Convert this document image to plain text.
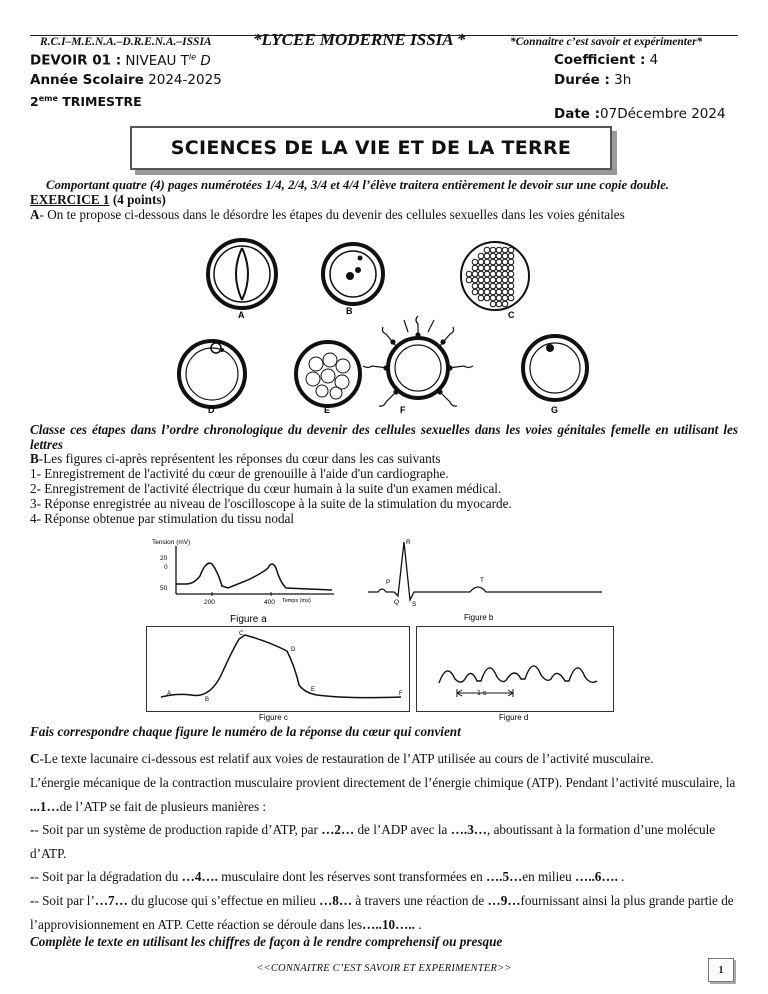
R.C.I–M.E.N.A.–D.R.E.N.A.–ISSIA *LYCEE MODERNE ISSIA *	*Connaitre c’est savoir et expérimenter*
DEVOIR 01 : NIVEAU $T^{le}$ D
Année Scolaire 2024-2025
2eme TRIMESTRE
Coefficient : 4
Durée : 3h
Date :07Décembre 2024
SCIENCES DE LA VIE ET DE LA TERRE
Comportant quatre (4) pages numérotées 1/4, 2/4, 3/4 et 4/4 l’élève traitera entièrement le devoir sur une copie double.
EXERCICE 1 (4 points)
A- On te propose ci-dessous dans le désordre les étapes du devenir des cellules sexuelles dans les voies génitales
A	B	C
D	E	F	G
Classe ces étapes dans l’ordre chronologique du devenir des cellules sexuelles dans les voies génitales femelle en utilisant les lettres
B-Les figures ci-après représentent les réponses du cœur dans les cas suivants
1- Enregistrement de l'activité du cœur de grenouille à l'aide d'un cardiographe.
2- Enregistrement de l'activité électrique du cœur humain à la suite d'un examen médical.
3- Réponse enregistrée au niveau de l'oscilloscope à la suite de la stimulation du myocarde.
4- Réponse obtenue par stimulation du tissu nodal
Tension (mV)
20
0
50
200	400 Temps (ms)
Figure a
R
P	T
Q S
Figure b
A
B
C
D
E
F
Figure c
1 s
Figure d
Fais correspondre chaque figure le numéro de la réponse du cœur qui convient
C-Le texte lacunaire ci-dessous est relatif aux voies de restauration de l’ATP utilisée au cours de l’activité musculaire.
L’énergie mécanique de la contraction musculaire provient directement de l’énergie chimique (ATP). Pendant l’activité musculaire, la ...1…de l’ATP se fait de plusieurs manières :
-- Soit par un système de production rapide d’ATP, par …2… de l’ADP avec la ….3…, aboutissant à la formation d’une molécule d’ATP.
-- Soit par la dégradation du …4…. musculaire dont les réserves sont transformées en ….5…en milieu …..6…. .
-- Soit par l’…7… du glucose qui s’effectue en milieu …8… à travers une réaction de …9…fournissant ainsi la plus grande partie de l’approvisionnement en ATP. Cette réaction se déroule dans les…..10….. .
Complète le texte en utilisant les chiffres de façon à le rendre comprehensif ou presque
<<CONNAITRE C’EST SAVOIR ET EXPERIMENTER>>	1
